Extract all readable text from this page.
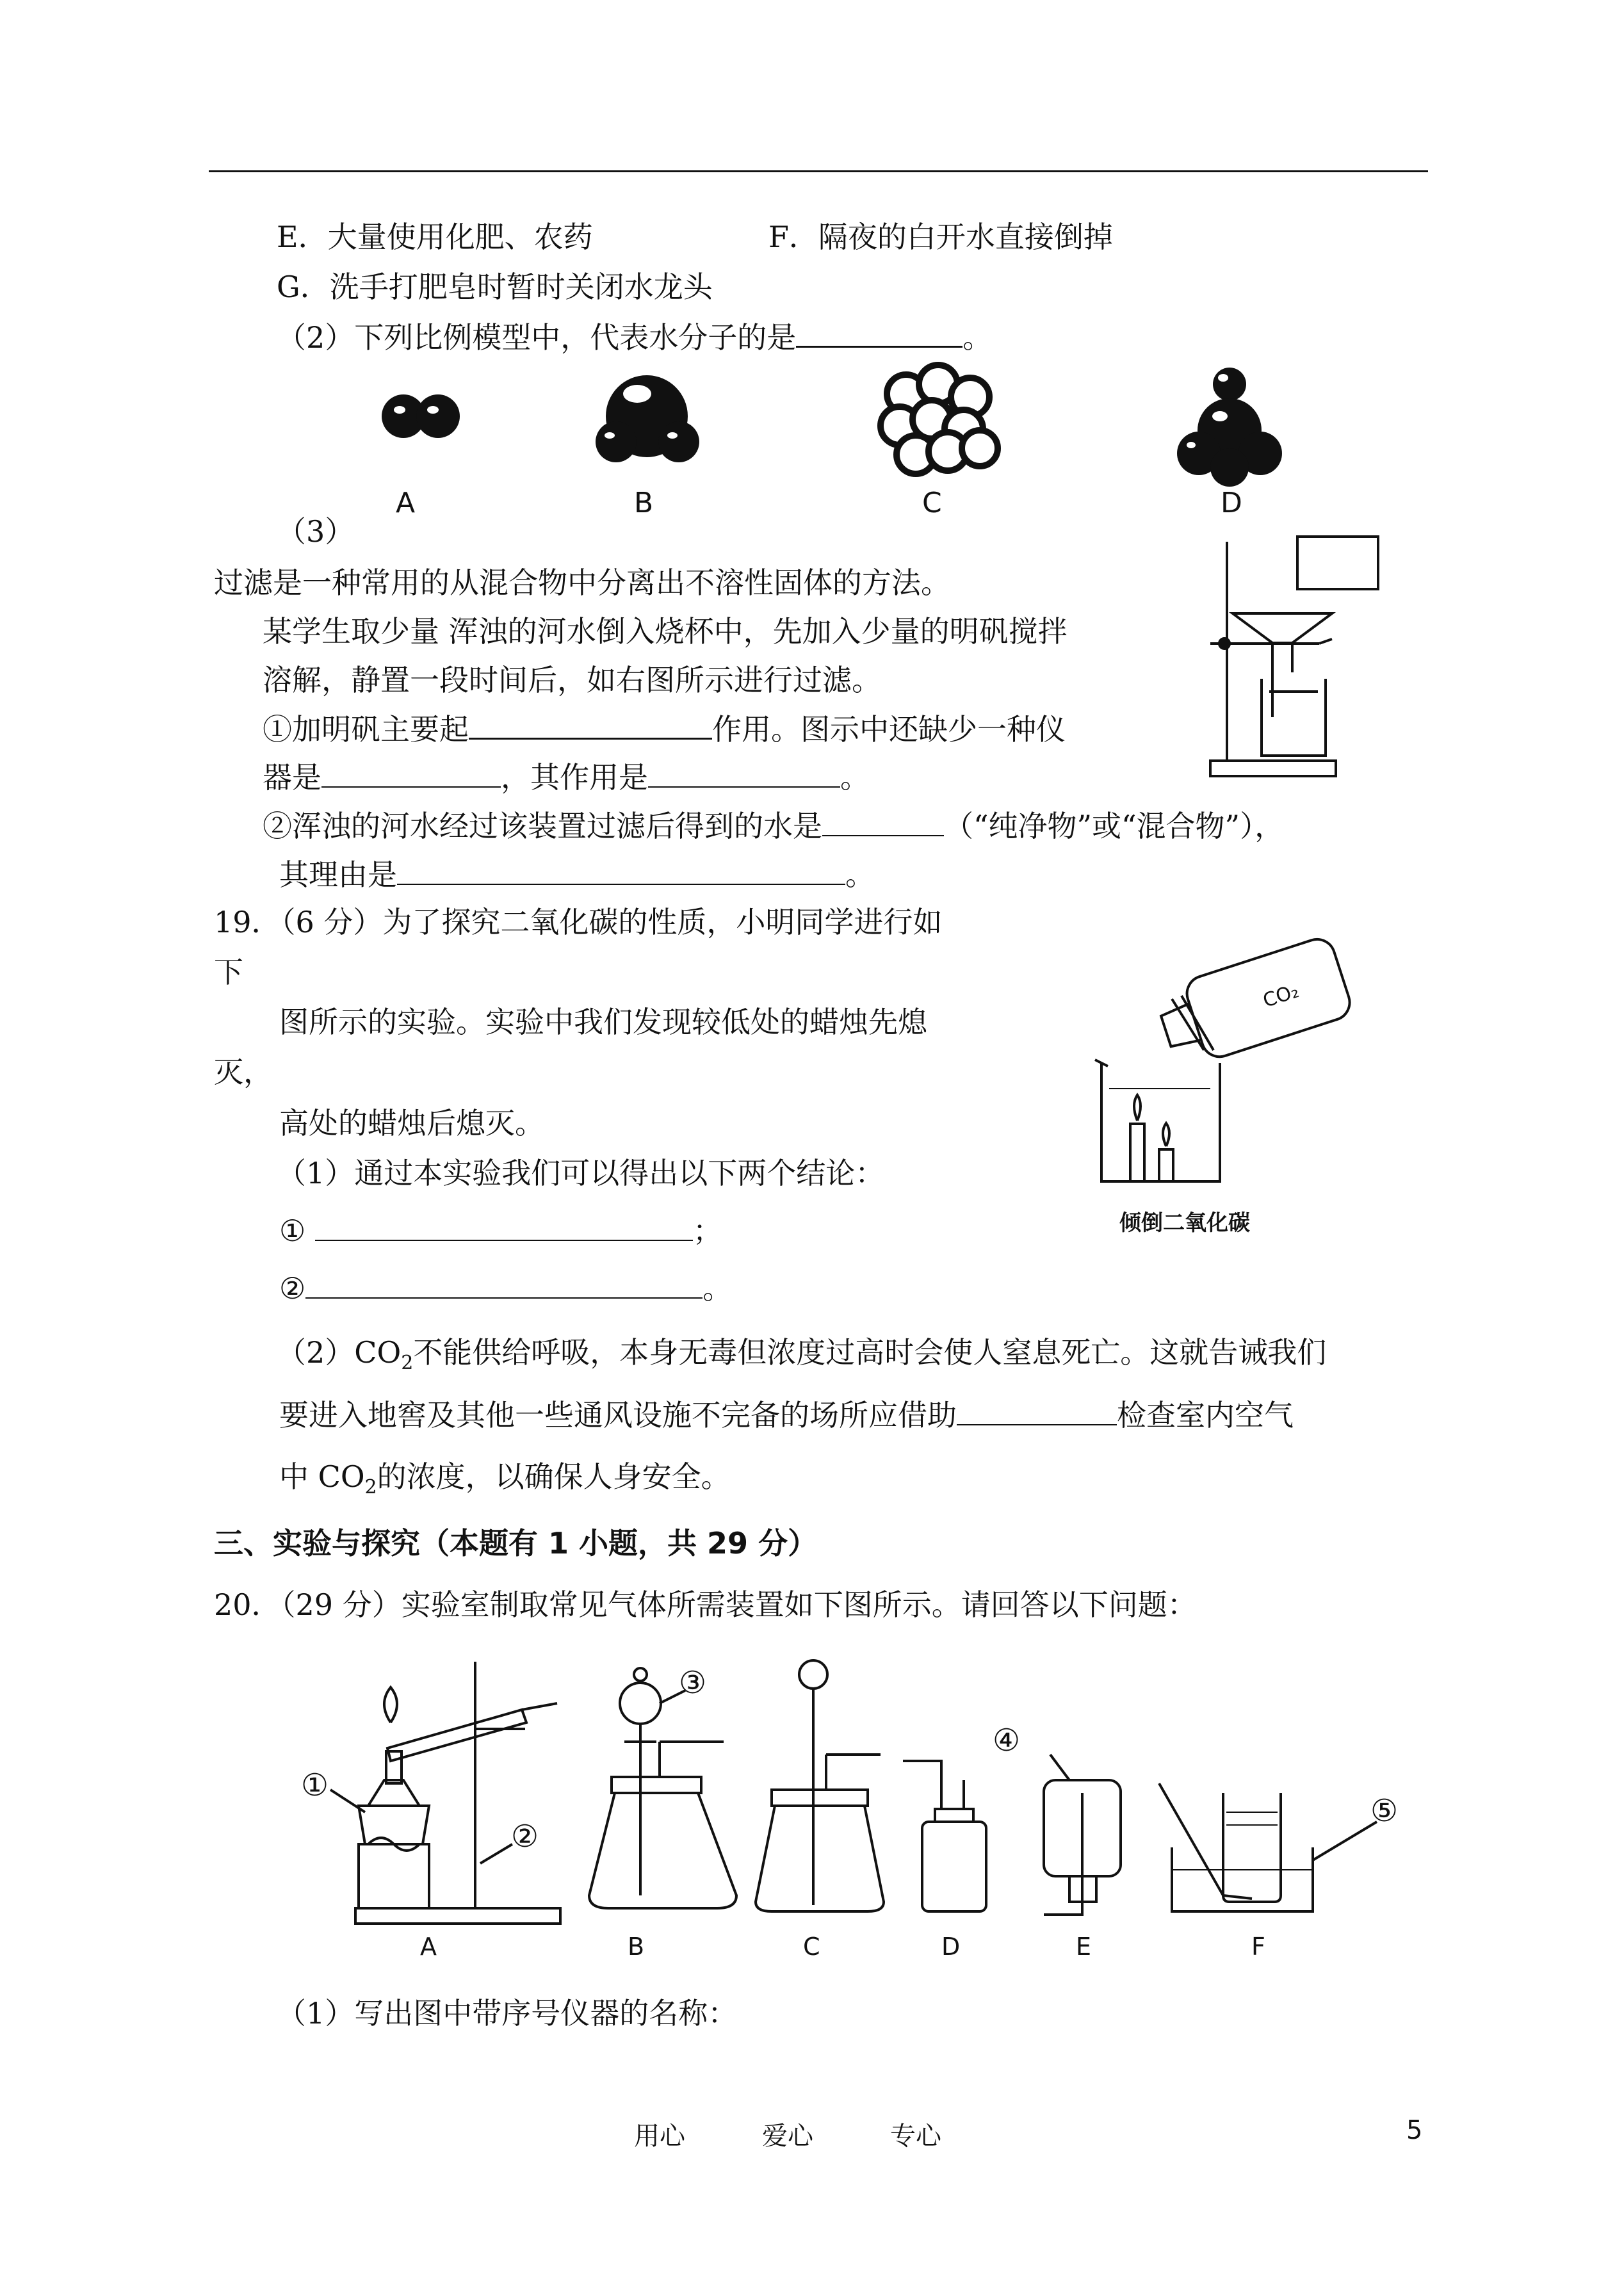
E．大量使用化肥、农药	F．隔夜的白开水直接倒掉
G．洗手打肥皂时暂时关闭水龙头
（2）下列比例模型中，代表水分子的是	。
A	B	C	D
（3）
过滤是一种常用的从混合物中分离出不溶性固体的方法。
某学生取少量 浑浊的河水倒入烧杯中，先加入少量的明矾搅拌
溶解，静置一段时间后，如右图所示进行过滤。
①加明矾主要起	作用。图示中还缺少一种仪
器是	，其作用是	。
②浑浊的河水经过该装置过滤后得到的水是	（“纯净物”或“混合物”），
其理由是	。
19．（6 分）为了探究二氧化碳的性质，小明同学进行如
下
图所示的实验。实验中我们发现较低处的蜡烛先熄
灭，
高处的蜡烛后熄灭。
（1）通过本实验我们可以得出以下两个结论：
①	；
②	。
$(2)CO_2$不能供给呼吸，本身无毒但浓度过高时会使人窒息死亡。这就告诫我们
要进入地窖及其他一些通风设施不完备的场所应借助	检查室内空气
中 $CO_2$的浓度，以确保人身安全。
CO₂
倾倒二氧化碳
三、实验与探究（本题有 1 小题，共 29 分）
20．（29 分）实验室制取常见气体所需装置如下图所示。请回答以下问题：
①
②
③
④
⑤
A	B	C	D	E	F
（1）写出图中带序号仪器的名称：
用心	爱心	专心	5
